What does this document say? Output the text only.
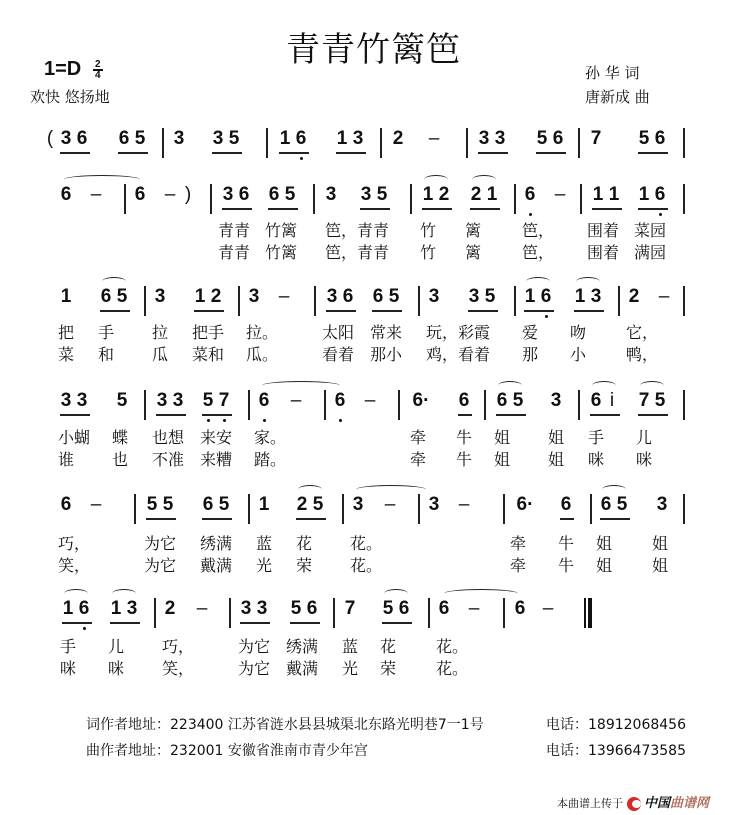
青青竹篱笆
$1=D \frac{2}{4}$
欢快 悠扬地
孙 华 词
唐新成 曲
( 3 6 6 5 3 3 5 1 6 1 3 2 – 3 3 5 6 7 5 6
6 – 6 – ) 3 6 6 5 3 3 5 1 2 2 1 6 – 1 1 1 6
青青 竹篱 笆，青青 竹 篱	笆， 围着 菜园
青青 竹篱 笆，青青 竹 篱	笆， 围着 满园
1 6 5 3 1 2 3 – 3 6 6 5 3 3 5 1 6 1 3 2 –
把 手 拉 把手 拉。	太阳 常来 玩，彩霞 爱 吻 它，
菜 和 瓜 菜和 瓜。	看着 那小 鸡，看着 那 小 鸭，
3 3 5 3 3 5 7 6 – 6 – 6· 6 6 5 3 6 i 7 5
小蝴 蝶 也想 来安 家。	牵 牛 姐 姐 手 儿
谁 也 不准 来糟 踏。	牵 牛 姐 姐 咪 咪
6 – 5 5 6 5 1 2 5 3 – 3 – 6· 6 6 5 3
巧，	为它 绣满 蓝 花 花。	牵 牛 姐 姐
笑，	为它 戴满 光 荣 花。	牵 牛 姐 姐
1 6 1 3 2 – 3 3 5 6 7 5 6 6 – 6 –
手 儿 巧，	为它 绣满 蓝 花 花。
咪 咪 笑，	为它 戴满 光 荣 花。
词作者地址：223400 江苏省涟水县县城渠北东路光明巷7一1号	电话：18912068456
曲作者地址：232001 安徽省淮南市青少年宫	电话：13966473585
本曲谱上传于 中国曲谱网
